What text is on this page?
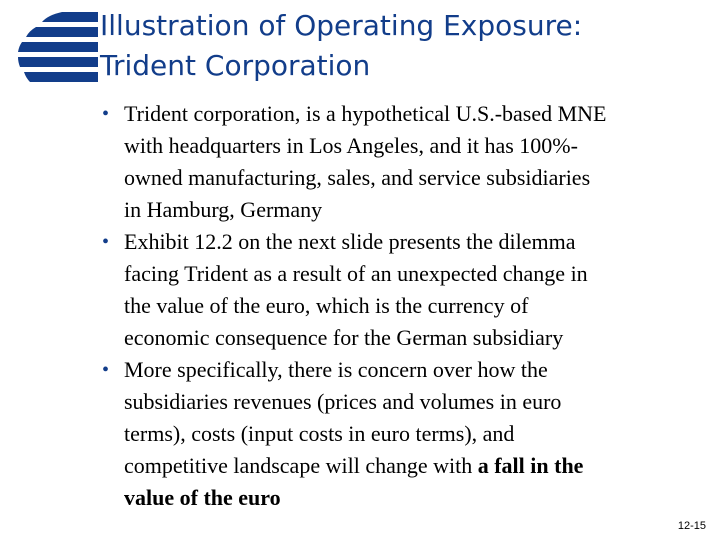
Illustration of Operating Exposure:
Trident Corporation
• Trident corporation, is a hypothetical U.S.-based MNE
with headquarters in Los Angeles, and it has 100%-
owned manufacturing, sales, and service subsidiaries
in Hamburg, Germany
• Exhibit 12.2 on the next slide presents the dilemma
facing Trident as a result of an unexpected change in
the value of the euro, which is the currency of
economic consequence for the German subsidiary
• More specifically, there is concern over how the
subsidiaries revenues (prices and volumes in euro
terms), costs (input costs in euro terms), and
competitive landscape will change with a fall in the
value of the euro
12-15
